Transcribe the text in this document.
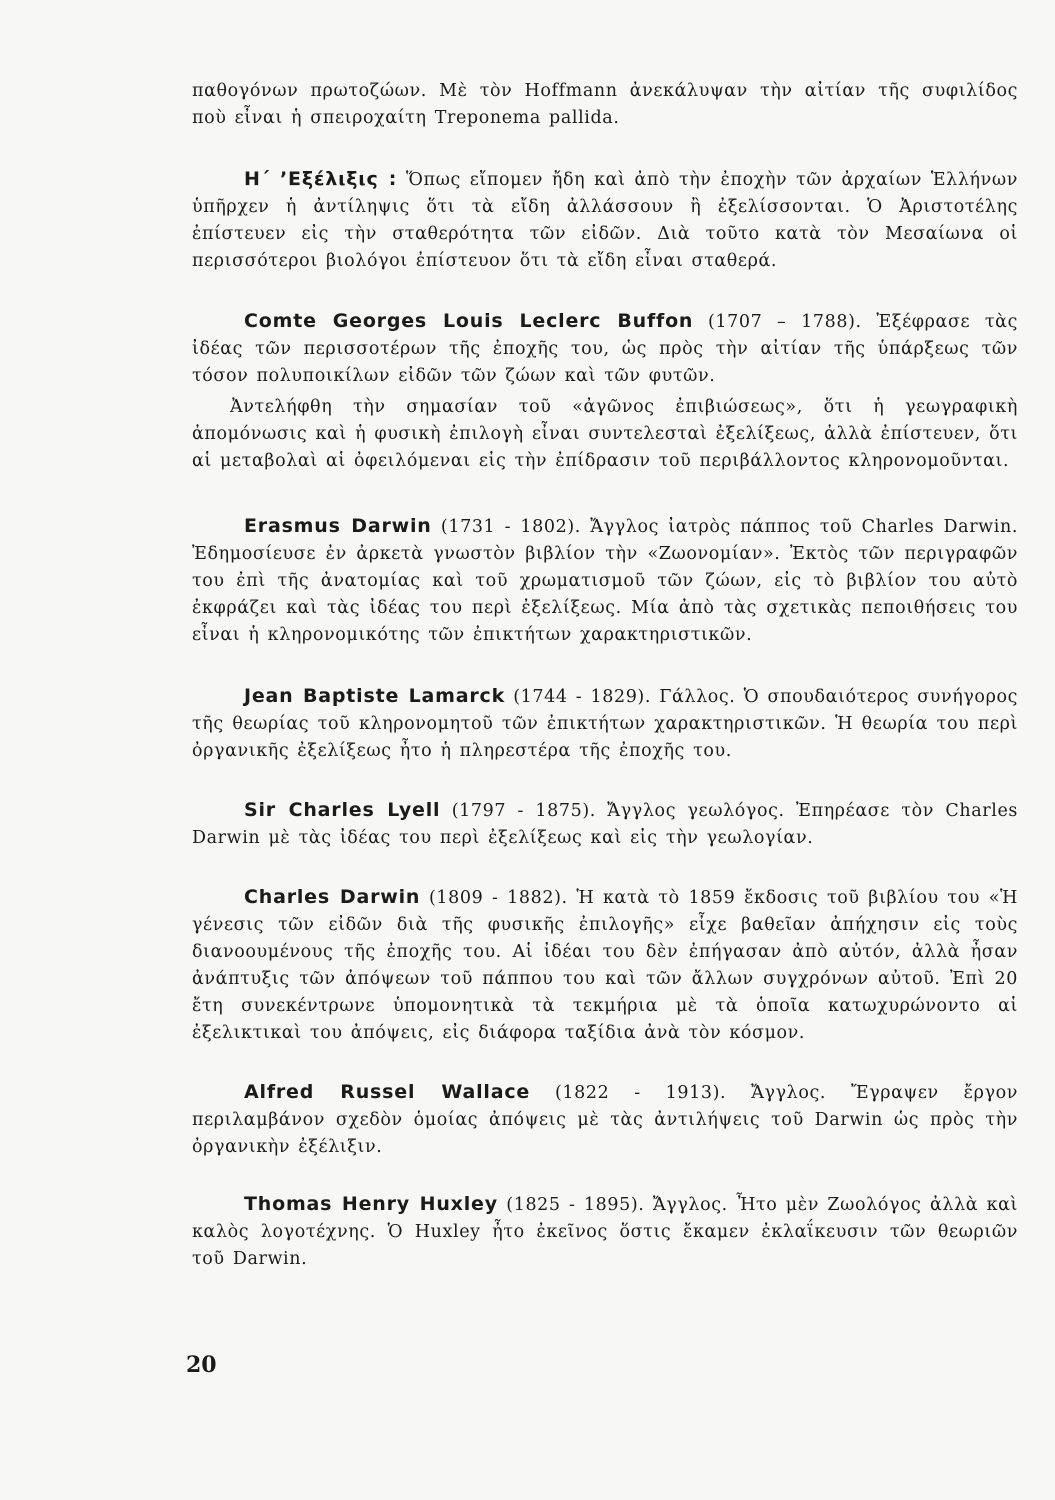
παθογόνων πρωτοζώων. Μὲ τὸν Hoffmann ἀνεκάλυψαν τὴν αἰτίαν τῆς συφιλίδος ποὺ εἶναι ἡ σπειροχαίτη Treponema pallida.

Η΄ ’Εξέλιξις : Ὅπως εἴπομεν ἤδη καὶ ἀπὸ τὴν ἐποχὴν τῶν ἀρχαίων Ἑλλήνων ὑπῆρχεν ἡ ἀντίληψις ὅτι τὰ εἴδη ἀλλάσσουν ἢ ἐξελίσσονται. Ὁ Ἀριστοτέλης ἐπίστευεν εἰς τὴν σταθερότητα τῶν εἰδῶν. Διὰ τοῦτο κατὰ τὸν Μεσαίωνα οἱ περισσότεροι βιολόγοι ἐπίστευον ὅτι τὰ εἴδη εἶναι σταθερά.

Comte Georges Louis Leclerc Buffon (1707 – 1788). Ἐξέφρασε τὰς ἰδέας τῶν περισσοτέρων τῆς ἐποχῆς του, ὡς πρὸς τὴν αἰτίαν τῆς ὑπάρξεως τῶν τόσον πολυποικίλων εἰδῶν τῶν ζώων καὶ τῶν φυτῶν.

Ἀντελήφθη τὴν σημασίαν τοῦ «ἀγῶνος ἐπιβιώσεως», ὅτι ἡ γεωγραφικὴ ἀπομόνωσις καὶ ἡ φυσικὴ ἐπιλογὴ εἶναι συντελεσταὶ ἐξελίξεως, ἀλλὰ ἐπίστευεν, ὅτι αἱ μεταβολαὶ αἱ ὀφειλόμεναι εἰς τὴν ἐπίδρασιν τοῦ περιβάλλοντος κληρονομοῦνται.

Erasmus Darwin (1731 - 1802). Ἄγγλος ἰατρὸς πάππος τοῦ Charles Darwin. Ἐδημοσίευσε ἐν ἀρκετὰ γνωστὸν βιβλίον τὴν «Ζωονομίαν». Ἐκτὸς τῶν περιγραφῶν του ἐπὶ τῆς ἀνατομίας καὶ τοῦ χρωματισμοῦ τῶν ζώων, εἰς τὸ βιβλίον του αὐτὸ ἐκφράζει καὶ τὰς ἰδέας του περὶ ἐξελίξεως. Μία ἀπὸ τὰς σχετικὰς πεποιθήσεις του εἶναι ἡ κληρονομικότης τῶν ἐπικτήτων χαρακτηριστικῶν.

Jean Baptiste Lamarck (1744 - 1829). Γάλλος. Ὁ σπουδαιότερος συνήγορος τῆς θεωρίας τοῦ κληρονομητοῦ τῶν ἐπικτήτων χαρακτηριστικῶν. Ἡ θεωρία του περὶ ὀργανικῆς ἐξελίξεως ἦτο ἡ πληρεστέρα τῆς ἐποχῆς του.

Sir Charles Lyell (1797 - 1875). Ἄγγλος γεωλόγος. Ἐπηρέασε τὸν Charles Darwin μὲ τὰς ἰδέας του περὶ ἐξελίξεως καὶ εἰς τὴν γεωλογίαν.

Charles Darwin (1809 - 1882). Ἡ κατὰ τὸ 1859 ἔκδοσις τοῦ βιβλίου του «Ἡ γένεσις τῶν εἰδῶν διὰ τῆς φυσικῆς ἐπιλογῆς» εἶχε βαθεῖαν ἀπήχησιν εἰς τοὺς διανοουμένους τῆς ἐποχῆς του. Αἱ ἰδέαι του δὲν ἐπήγασαν ἀπὸ αὐτόν, ἀλλὰ ἦσαν ἀνάπτυξις τῶν ἀπόψεων τοῦ πάππου του καὶ τῶν ἄλλων συγχρόνων αὐτοῦ. Ἐπὶ 20 ἔτη συνεκέντρωνε ὑπομονητικὰ τὰ τεκμήρια μὲ τὰ ὁποῖα κατωχυρώνοντο αἱ ἐξελικτικαὶ του ἀπόψεις, εἰς διάφορα ταξίδια ἀνὰ τὸν κόσμον.

Alfred Russel Wallace (1822 - 1913). Ἄγγλος. Ἔγραψεν ἔργον περιλαμβάνον σχεδὸν ὁμοίας ἀπόψεις μὲ τὰς ἀντιλήψεις τοῦ Darwin ὡς πρὸς τὴν ὀργανικὴν ἐξέλιξιν.

Thomas Henry Huxley (1825 - 1895). Ἄγγλος. Ἦτο μὲν Ζωολόγος ἀλλὰ καὶ καλὸς λογοτέχνης. Ὁ Huxley ἦτο ἐκεῖνος ὅστις ἔκαμεν ἐκλαΐκευσιν τῶν θεωριῶν τοῦ Darwin.

20
